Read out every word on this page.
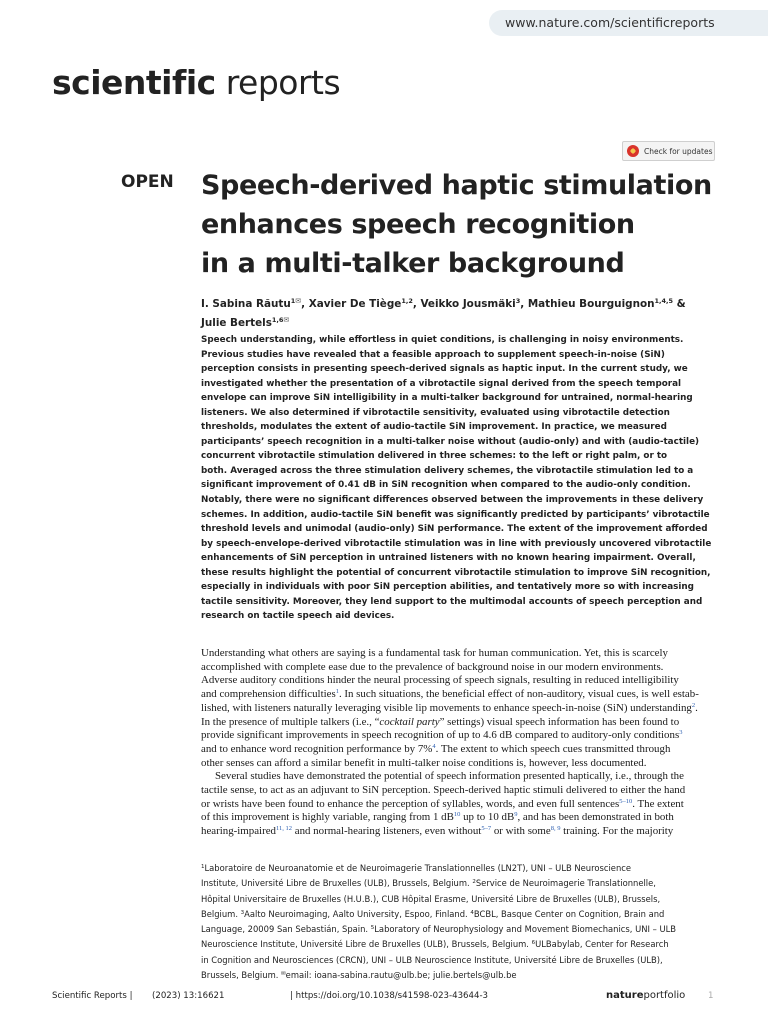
www.nature.com/scientificreports
scientific reports
Check for updates
OPEN Speech-derived haptic stimulation
enhances speech recognition
in a multi-talker background
I. Sabina Răutu$^{1✉}$, Xavier De Tiège$^{1,2}$, Veikko Jousmäki$^3$, Mathieu Bourguignon$^{1,4,5}$ &
Julie Bertels$^{1,6✉}$
Speech understanding, while effortless in quiet conditions, is challenging in noisy environments.
Previous studies have revealed that a feasible approach to supplement speech-in-noise (SiN)
perception consists in presenting speech-derived signals as haptic input. In the current study, we
investigated whether the presentation of a vibrotactile signal derived from the speech temporal
envelope can improve SiN intelligibility in a multi-talker background for untrained, normal-hearing
listeners. We also determined if vibrotactile sensitivity, evaluated using vibrotactile detection
thresholds, modulates the extent of audio-tactile SiN improvement. In practice, we measured
participants’ speech recognition in a multi-talker noise without (audio-only) and with (audio-tactile)
concurrent vibrotactile stimulation delivered in three schemes: to the left or right palm, or to
both. Averaged across the three stimulation delivery schemes, the vibrotactile stimulation led to a
significant improvement of 0.41 dB in SiN recognition when compared to the audio-only condition.
Notably, there were no significant differences observed between the improvements in these delivery
schemes. In addition, audio-tactile SiN benefit was significantly predicted by participants’ vibrotactile
threshold levels and unimodal (audio-only) SiN performance. The extent of the improvement afforded
by speech-envelope-derived vibrotactile stimulation was in line with previously uncovered vibrotactile
enhancements of SiN perception in untrained listeners with no known hearing impairment. Overall,
these results highlight the potential of concurrent vibrotactile stimulation to improve SiN recognition,
especially in individuals with poor SiN perception abilities, and tentatively more so with increasing
tactile sensitivity. Moreover, they lend support to the multimodal accounts of speech perception and
research on tactile speech aid devices.
Understanding what others are saying is a fundamental task for human communication. Yet, this is scarcely
accomplished with complete ease due to the prevalence of background noise in our modern environments.
Adverse auditory conditions hinder the neural processing of speech signals, resulting in reduced intelligibility
and comprehension difficulties$^1$. In such situations, the beneficial effect of non-auditory, visual cues, is well estab-
lished, with listeners naturally leveraging visible lip movements to enhance speech-in-noise (SiN) understanding$^2$.
In the presence of multiple talkers (i.e., “cocktail party” settings) visual speech information has been found to
provide significant improvements in speech recognition of up to 4.6 dB compared to auditory-only conditions$^3$
and to enhance word recognition performance by 7%$^4$. The extent to which speech cues transmitted through
other senses can afford a similar benefit in multi-talker noise conditions is, however, less documented.
Several studies have demonstrated the potential of speech information presented haptically, i.e., through the
tactile sense, to act as an adjuvant to SiN perception. Speech-derived haptic stimuli delivered to either the hand
or wrists have been found to enhance the perception of syllables, words, and even full sentences$^{5-10}$. The extent
of this improvement is highly variable, ranging from 1 $dB^{10}$ up to 10 $dB^9$, and has been demonstrated in both
hearing-impaired$^{11, 12}$ and normal-hearing listeners, even without$^{5-7}$ or with some$^{8, 9}$ training. For the majority
$^1$Laboratoire de Neuroanatomie et de Neuroimagerie Translationnelles (LN2T), UNI – ULB Neuroscience
Institute, Université Libre de Bruxelles (ULB), Brussels, Belgium. $^2$Service de Neuroimagerie Translationnelle,
Hôpital Universitaire de Bruxelles (H.U.B.), CUB Hôpital Erasme, Université Libre de Bruxelles (ULB), Brussels,
Belgium. $^3$Aalto Neuroimaging, Aalto University, Espoo, Finland. $^4$BCBL, Basque Center on Cognition, Brain and
Language, 20009 San Sebastián, Spain. $^5$Laboratory of Neurophysiology and Movement Biomechanics, UNI – ULB
Neuroscience Institute, Université Libre de Bruxelles (ULB), Brussels, Belgium. $^6$ULBabylab, Center for Research
in Cognition and Neurosciences (CRCN), UNI – ULB Neuroscience Institute, Université Libre de Bruxelles (ULB),
Brussels, Belgium. ✉email: ioana-sabina.rautu@ulb.be; julie.bertels@ulb.be
Scientific Reports | (2023) 13:16621	| https://doi.org/10.1038/s41598-023-43644-3	natureportfolio	1
